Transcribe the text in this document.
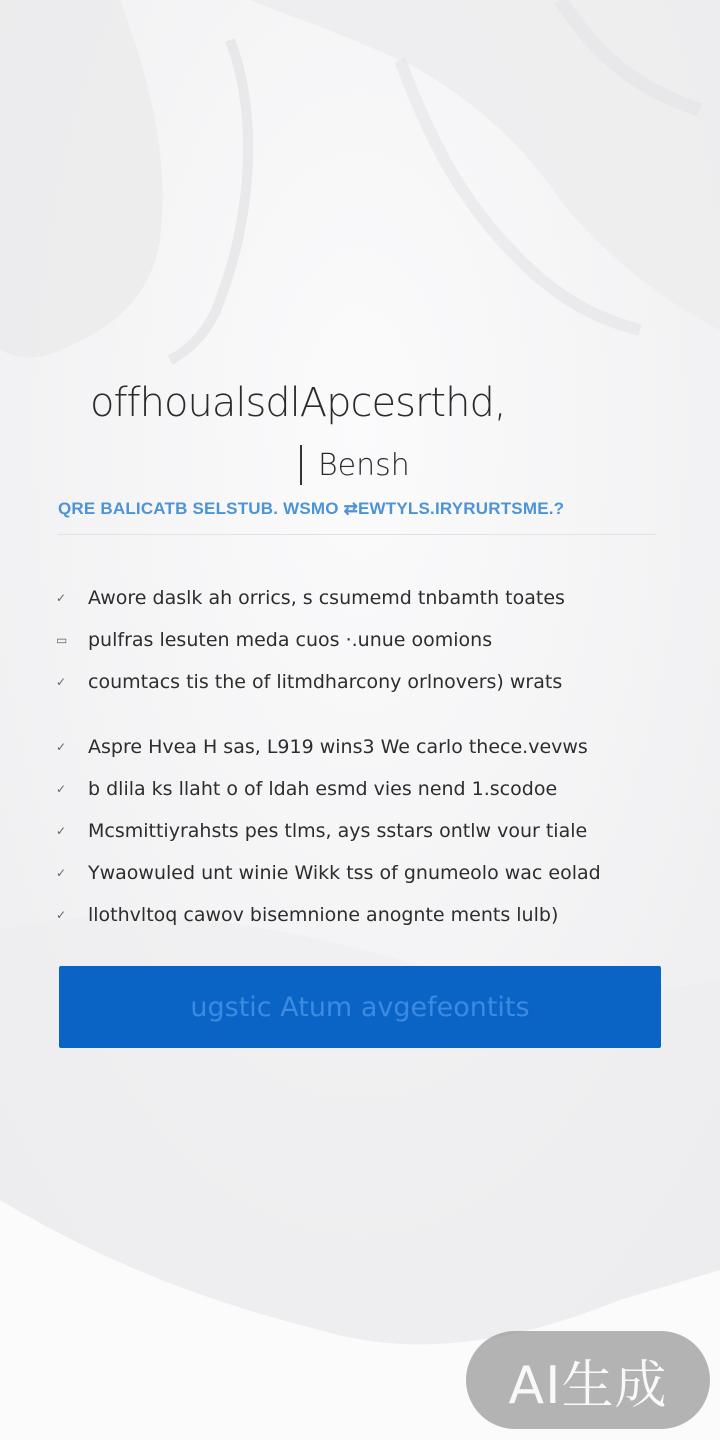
offhoualsdlApcesrthd,
Bensh
QRE BALICATB SELSTUB. WSMO ⇄EWTYLS.IRYRURTSME.?
✓	Awore daslk ah orrics, s csumemd tnbamth toates
▭	pulfras lesuten meda cuos ·.unue oomions
✓	coumtacs tis the of litmdharcony orlnovers) wrats
✓	Aspre Hvea H sas, L919 wins3 We carlo thece.vevws
✓	b dlila ks llaht o of ldah esmd vies nend 1.scodoe
✓	Mcsmittiyrahsts pes tlms, ays sstars ontlw vour tiale
✓	Ywaowuled unt winie Wikk tss of gnumeolo wac eolad
✓	llothvltoq cawov bisemnione anognte ments lulb)
ugstic Atum avgefeontits
AI生成
